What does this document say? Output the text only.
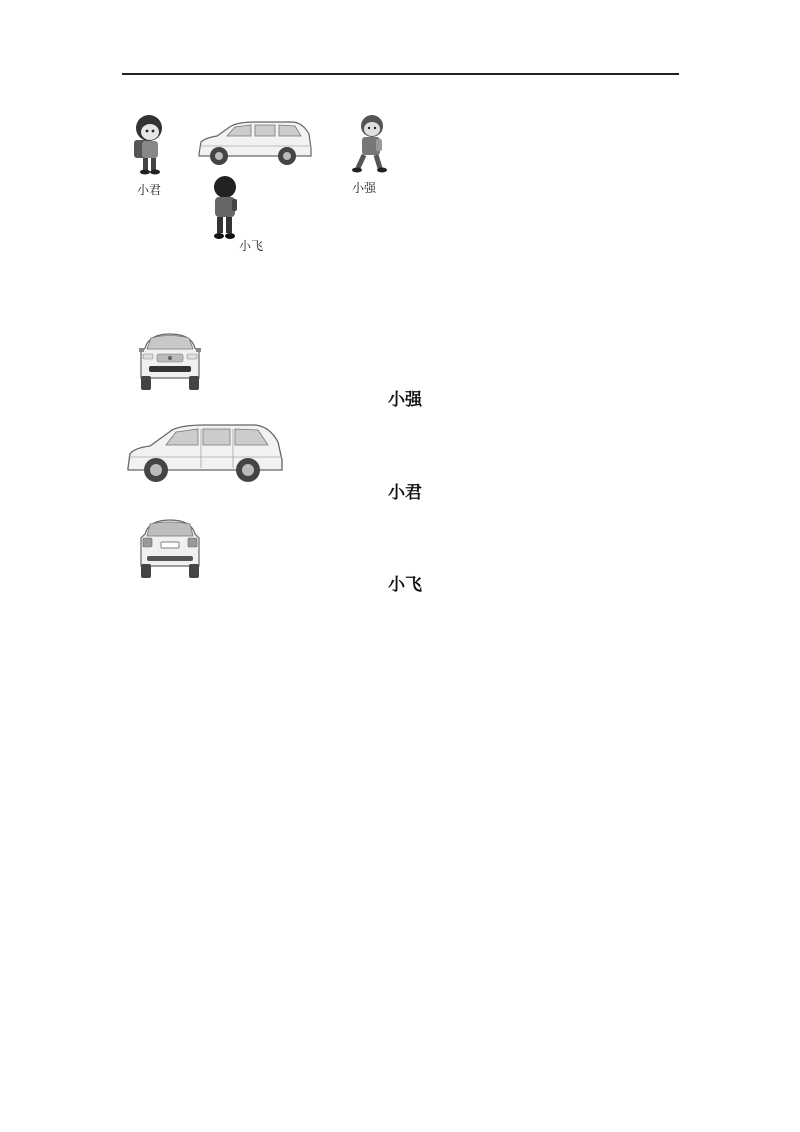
小君	小强
小飞
小强
小君
小飞
